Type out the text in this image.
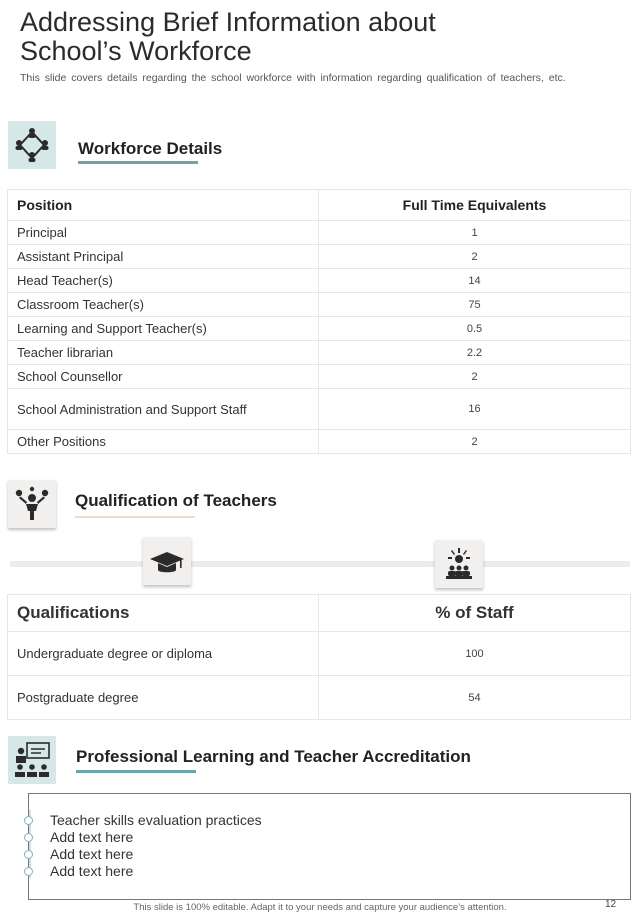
Addressing Brief Information about
School’s Workforce
This slide covers details regarding the school workforce with information regarding qualification of teachers, etc.
Workforce Details
Position	Full Time Equivalents
Principal	1
Assistant Principal	2
Head Teacher(s)	14
Classroom Teacher(s)	75
Learning and Support Teacher(s)	0.5
Teacher librarian	2.2
School Counsellor	2
School Administration and Support Staff	16
Other Positions	2
Qualification of Teachers
Qualifications	% of Staff
Undergraduate degree or diploma	100
Postgraduate degree	54
Professional Learning and Teacher Accreditation
Teacher skills evaluation practices
Add text here
Add text here
Add text here
This slide is 100% editable. Adapt it to your needs and capture your audience’s attention.	12
